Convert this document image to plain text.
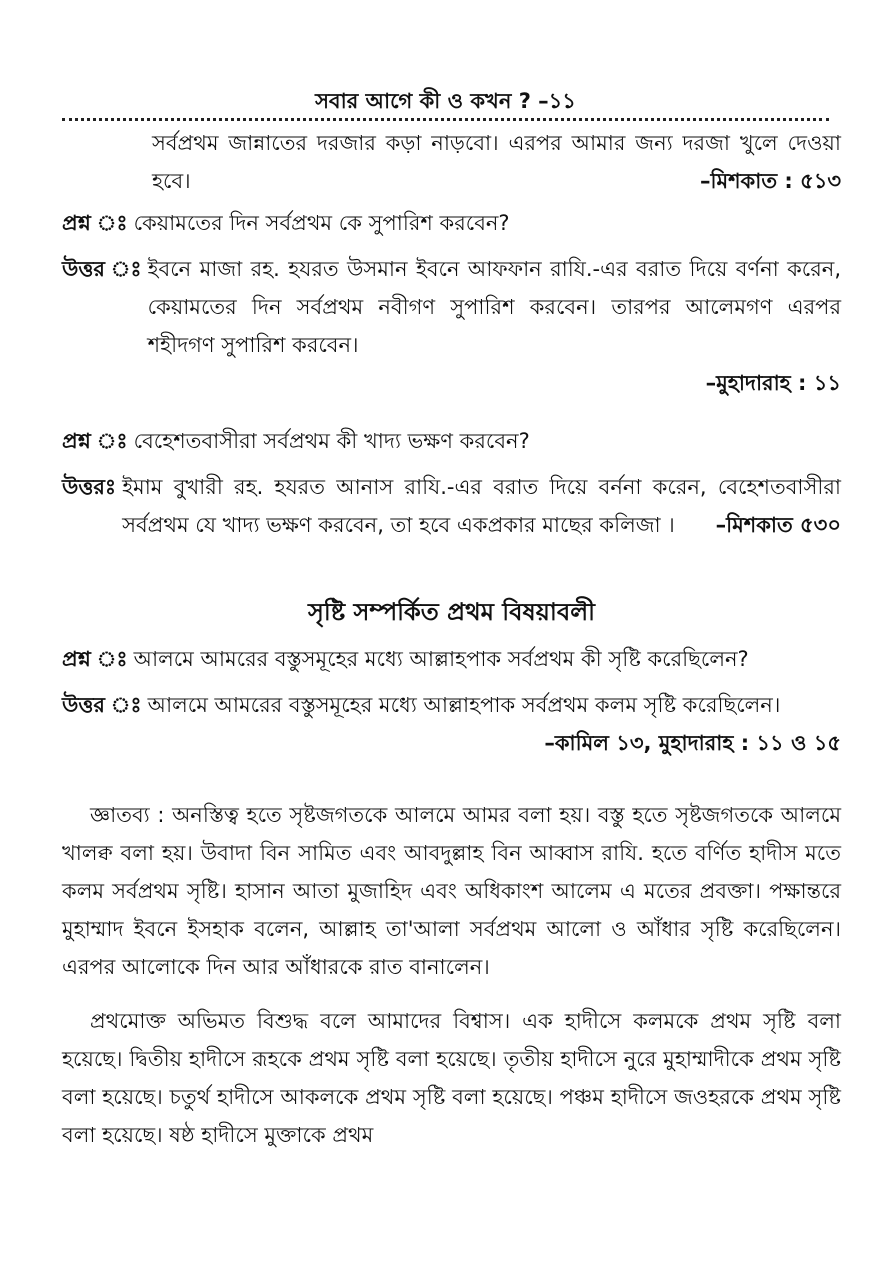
সবার আগে কী ও কখন ? –১১
সর্বপ্রথম জান্নাতের দরজার কড়া নাড়বো। এরপর আমার জন্য দরজা খুলে দেওয়া হবে।	–মিশকাত : ৫১৩
প্রশ্ন ঃ কেয়ামতের দিন সর্বপ্রথম কে সুপারিশ করবেন?
উত্তর ঃ ইবনে মাজা রহ. হযরত উসমান ইবনে আফফান রাযি.-এর বরাত দিয়ে বর্ণনা করেন, কেয়ামতের দিন সর্বপ্রথম নবীগণ সুপারিশ করবেন। তারপর আলেমগণ এরপর শহীদগণ সুপারিশ করবেন।
–মুহাদারাহ : ১১
প্রশ্ন ঃ বেহেশতবাসীরা সর্বপ্রথম কী খাদ্য ভক্ষণ করবেন?
উত্তরঃ ইমাম বুখারী রহ. হযরত আনাস রাযি.-এর বরাত দিয়ে বর্ননা করেন, বেহেশতবাসীরা সর্বপ্রথম যে খাদ্য ভক্ষণ করবেন, তা হবে একপ্রকার মাছের কলিজা । –মিশকাত ৫৩০
সৃষ্টি সম্পর্কিত প্রথম বিষয়াবলী
প্রশ্ন ঃ আলমে আমরের বস্তুসমূহের মধ্যে আল্লাহপাক সর্বপ্রথম কী সৃষ্টি করেছিলেন?
উত্তর ঃ আলমে আমরের বস্তুসমূহের মধ্যে আল্লাহপাক সর্বপ্রথম কলম সৃষ্টি করেছিলেন।
–কামিল ১৩, মুহাদারাহ : ১১ ও ১৫
জ্ঞাতব্য : অনস্তিত্ব হতে সৃষ্টজগতকে আলমে আমর বলা হয়। বস্তু হতে সৃষ্টজগতকে আলমে খালক্ব বলা হয়। উবাদা বিন সামিত এবং আবদুল্লাহ বিন আব্বাস রাযি. হতে বর্ণিত হাদীস মতে কলম সর্বপ্রথম সৃষ্টি। হাসান আতা মুজাহিদ এবং অধিকাংশ আলেম এ মতের প্রবক্তা। পক্ষান্তরে মুহাম্মাদ ইবনে ইসহাক বলেন, আল্লাহ তা'আলা সর্বপ্রথম আলো ও আঁধার সৃষ্টি করেছিলেন। এরপর আলোকে দিন আর আঁধারকে রাত বানালেন।
প্রথমোক্ত অভিমত বিশুদ্ধ বলে আমাদের বিশ্বাস। এক হাদীসে কলমকে প্রথম সৃষ্টি বলা হয়েছে। দ্বিতীয় হাদীসে রূহকে প্রথম সৃষ্টি বলা হয়েছে। তৃতীয় হাদীসে নুরে মুহাম্মাদীকে প্রথম সৃষ্টি বলা হয়েছে। চতুর্থ হাদীসে আকলকে প্রথম সৃষ্টি বলা হয়েছে। পঞ্চম হাদীসে জওহরকে প্রথম সৃষ্টি বলা হয়েছে। ষষ্ঠ হাদীসে মুক্তাকে প্রথম
